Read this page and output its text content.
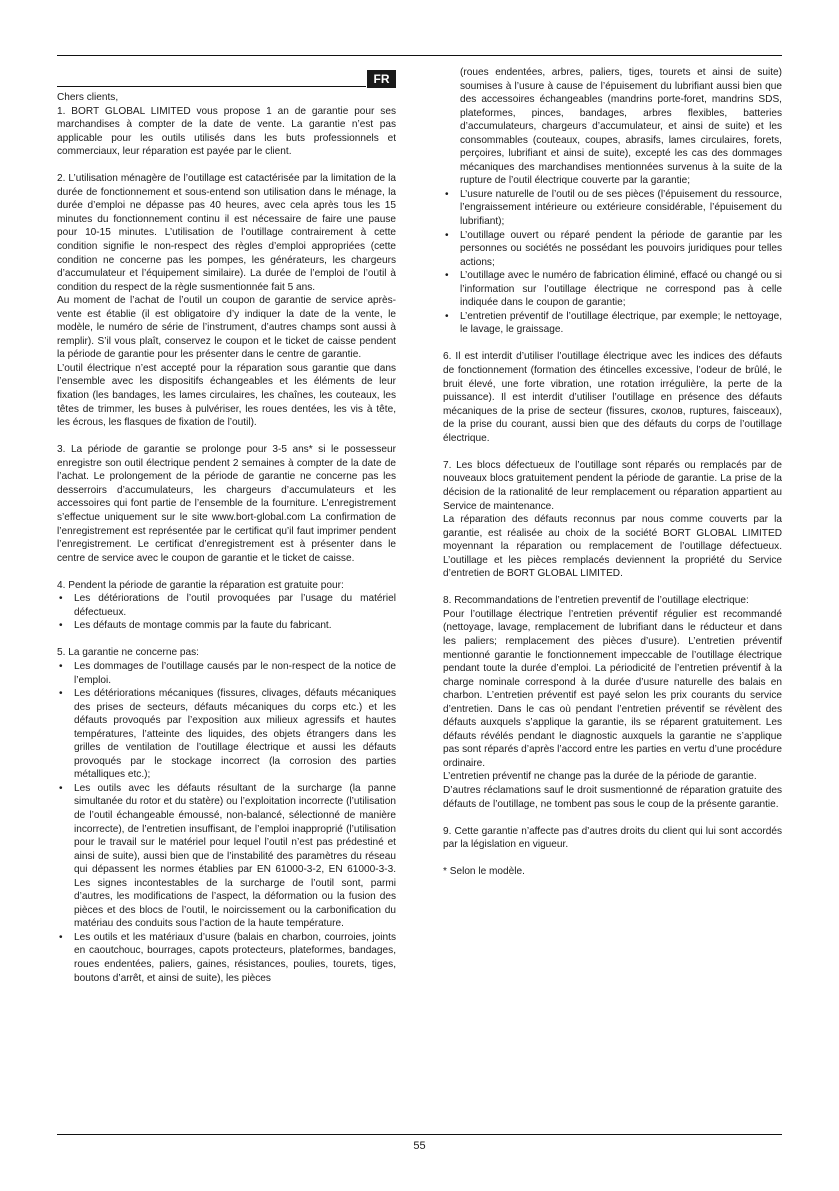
FR

Chers clients,

1. BORT GLOBAL LIMITED vous propose 1 an de garantie pour ses marchandises à compter de la date de vente. La garantie n’est pas applicable pour les outils utilisés dans les buts professionnels et commerciaux, leur réparation est payée par le client.

2. L’utilisation ménagère de l’outillage est catactérisée par la limitation de la durée de fonctionnement et sous-entend son utilisation dans le ménage, la durée d’emploi ne dépasse pas 40 heures, avec cela après tous les 15 minutes du fonctionnement continu il est nécessaire de faire une pause pour 10-15 minutes. L’utilisation de l’outillage contrairement à cette condition signifie le non-respect des règles d’emploi appropriées (cette condition ne concerne pas les pompes, les générateurs, les chargeurs d’accumulateur et l’équipement similaire). La durée de l’emploi de l’outil à condition du respect de la règle susmentionnée fait 5 ans.

Au moment de l’achat de l’outil un coupon de garantie de service après-vente est établie (il est obligatoire d’y indiquer la date de la vente, le modèle, le numéro de série de l’instrument, d’autres champs sont aussi à remplir). S’il vous plaît, conservez le coupon et le ticket de caisse pendent la période de garantie pour les présenter dans le centre de garantie.

L’outil électrique n’est accepté pour la réparation sous garantie que dans l’ensemble avec les dispositifs échangeables et les éléments de leur fixation (les bandages, les lames circulaires, les chaînes, les couteaux, les têtes de trimmer, les buses à pulvériser, les roues dentées, les vis à tête, les écrous, les flasques de fixation de l’outil).

3. La période de garantie se prolonge pour 3-5 ans* si le possesseur enregistre son outil électrique pendent 2 semaines à compter de la date de l’achat. Le prolongement de la période de garantie ne concerne pas les desserroirs d’accumulateurs, les chargeurs d’accumulateurs et les accessoires qui font partie de l’ensemble de la fourniture. L’enregistrement s’effectue uniquement sur le site www.bort-global.com La confirmation de l’enregistrement est représentée par le certificat qu’il faut imprimer pendent l’enregistrement. Le certificat d’enregistrement est à présenter dans le centre de service avec le coupon de garantie et le ticket de caisse.

4. Pendent la période de garantie la réparation est gratuite pour:

• Les détériorations de l’outil provoquées par l’usage du matériel défectueux.
• Les défauts de montage commis par la faute du fabricant.

5. La garantie ne concerne pas:

• Les dommages de l’outillage causés par le non-respect de la notice de l’emploi.
• Les détériorations mécaniques (fissures, clivages, défauts mécaniques des prises de secteurs, défauts mécaniques du corps etc.) et les défauts provoqués par l’exposition aux milieux agressifs et hautes températures, l’atteinte des liquides, des objets étrangers dans les grilles de ventilation de l’outillage électrique et aussi les défauts provoqués par le stockage incorrect (la corrosion des parties métalliques etc.);
• Les outils avec les défauts résultant de la surcharge (la panne simultanée du rotor et du statère) ou l’exploitation incorrecte (l’utilisation de l’outil échangeable émoussé, non-balancé, sélectionné de manière incorrecte), de l’entretien insuffisant, de l’emploi inapproprié (l’utilisation pour le travail sur le matériel pour lequel l’outil n’est pas prédestiné et ainsi de suite), aussi bien que de l’instabilité des paramètres du réseau qui dépassent les normes établies par EN 61000-3-2, EN 61000-3-3. Les signes incontestables de la surcharge de l’outil sont, parmi d’autres, les modifications de l’aspect, la déformation ou la fusion des pièces et des blocs de l’outil, le noircissement ou la carbonification du matériau des conduits sous l’action de la haute température.
• Les outils et les matériaux d’usure (balais en charbon, courroies, joints en caoutchouc, bourrages, capots protecteurs, plateformes, bandages, roues endentées, paliers, gaines, résistances, poulies, tourets, tiges, boutons d’arrêt, et ainsi de suite), les pièces
(roues endentées, arbres, paliers, tiges, tourets et ainsi de suite) soumises à l’usure à cause de l’épuisement du lubrifiant aussi bien que des accessoires échangeables (mandrins porte-foret, mandrins SDS, plateformes, pinces, bandages, arbres flexibles, batteries d’accumulateurs, chargeurs d’accumulateur, et ainsi de suite) et les consommables (couteaux, coupes, abrasifs, lames circulaires, forets, perçoires, lubrifiant et ainsi de suite), excepté les cas des dommages mécaniques des marchandises mentionnées survenus à la suite de la rupture de l’outil électrique couverte par la garantie;
• L’usure naturelle de l’outil ou de ses pièces (l’épuisement du ressource, l’engraissement intérieure ou extérieure considérable, l’épuisement du lubrifiant);
• L’outillage ouvert ou réparé pendent la période de garantie par les personnes ou sociétés ne possédant les pouvoirs juridiques pour telles actions;
• L’outillage avec le numéro de fabrication éliminé, effacé ou changé ou si l’information sur l’outillage électrique ne correspond pas à celle indiquée dans le coupon de garantie;
• L’entretien préventif de l’outillage électrique, par exemple; le nettoyage, le lavage, le graissage.

6. Il est interdit d’utiliser l’outillage électrique avec les indices des défauts de fonctionnement (formation des étincelles excessive, l’odeur de brûlé, le bruit élevé, une forte vibration, une rotation irrégulière, la perte de la puissance). Il est interdit d’utiliser l’outillage en présence des défauts mécaniques de la prise de secteur (fissures, сколов, ruptures, faisceaux), de la prise du courant, aussi bien que des défauts du corps de l’outillage électrique.

7. Les blocs défectueux de l’outillage sont réparés ou remplacés par de nouveaux blocs gratuitement pendent la période de garantie. La prise de la décision de la rationalité de leur remplacement ou réparation appartient au Service de maintenance.

La réparation des défauts reconnus par nous comme couverts par la garantie, est réalisée au choix de la société BORT GLOBAL LIMITED moyennant la réparation ou remplacement de l’outillage défectueux. L’outillage et les pièces remplacés deviennent la propriété du Service d’entretien de BORT GLOBAL LIMITED.

8. Recommandations de l’entretien preventif de l’outillage electrique:

Pour l’outillage électrique l’entretien préventif régulier est recommandé (nettoyage, lavage, remplacement de lubrifiant dans le réducteur et dans les paliers; remplacement des pièces d’usure). L’entretien préventif mentionné garantie le fonctionnement impeccable de l’outillage électrique pendant toute la durée d’emploi. La périodicité de l’entretien préventif à la charge nominale correspond à la durée d’usure naturelle des balais en charbon. L’entretien préventif est payé selon les prix courants du service d’entretien. Dans le cas où pendant l’entretien préventif se révèlent des défauts auxquels s’applique la garantie, ils se réparent gratuitement. Les défauts révélés pendant le diagnostic auxquels la garantie ne s’applique pas sont réparés d’après l’accord entre les parties en vertu d’une procédure ordinaire.

L’entretien préventif ne change pas la durée de la période de garantie.

D’autres réclamations sauf le droit susmentionné de réparation gratuite des défauts de l’outillage, ne tombent pas sous le coup de la présente garantie.

9. Cette garantie n’affecte pas d’autres droits du client qui lui sont accordés par la législation en vigueur.

* Selon le modèle.

55
